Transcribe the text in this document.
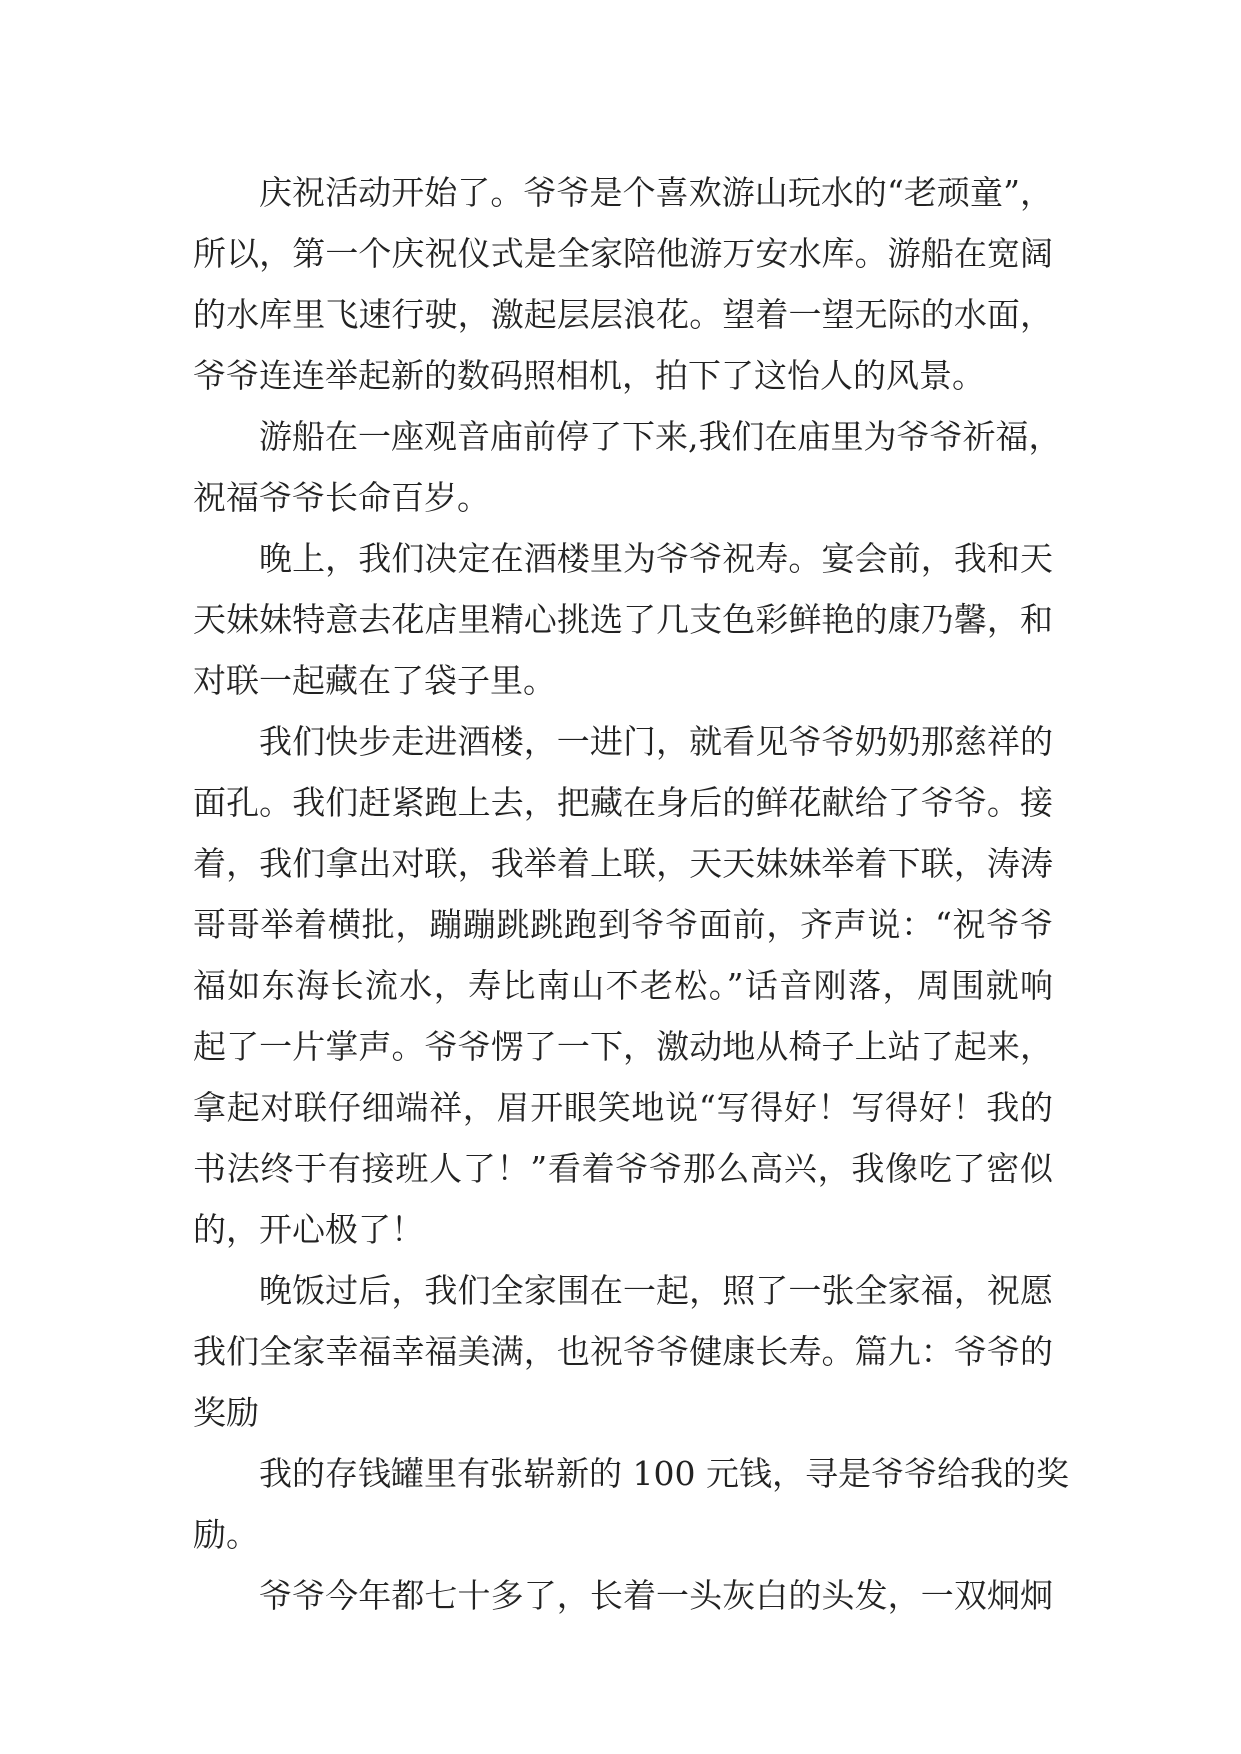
庆祝活动开始了。爷爷是个喜欢游山玩水的“老顽童”，
所以，第一个庆祝仪式是全家陪他游万安水库。游船在宽阔
的水库里飞速行驶，激起层层浪花。望着一望无际的水面，
爷爷连连举起新的数码照相机，拍下了这怡人的风景。
游船在一座观音庙前停了下来,我们在庙里为爷爷祈福，
祝福爷爷长命百岁。
晚上，我们决定在酒楼里为爷爷祝寿。宴会前，我和天
天妹妹特意去花店里精心挑选了几支色彩鲜艳的康乃馨，和
对联一起藏在了袋子里。
我们快步走进酒楼，一进门，就看见爷爷奶奶那慈祥的
面孔。我们赶紧跑上去，把藏在身后的鲜花献给了爷爷。接
着，我们拿出对联，我举着上联，天天妹妹举着下联，涛涛
哥哥举着横批，蹦蹦跳跳跑到爷爷面前，齐声说：“祝爷爷
福如东海长流水，寿比南山不老松。”话音刚落，周围就响
起了一片掌声。爷爷愣了一下，激动地从椅子上站了起来，
拿起对联仔细端祥，眉开眼笑地说“写得好！写得好！我的
书法终于有接班人了！”看着爷爷那么高兴，我像吃了密似
的，开心极了！
晚饭过后，我们全家围在一起，照了一张全家福，祝愿
我们全家幸福幸福美满，也祝爷爷健康长寿。篇九：爷爷的
奖励
我的存钱罐里有张崭新的 100 元钱，寻是爷爷给我的奖
励。
爷爷今年都七十多了，长着一头灰白的头发，一双炯炯
